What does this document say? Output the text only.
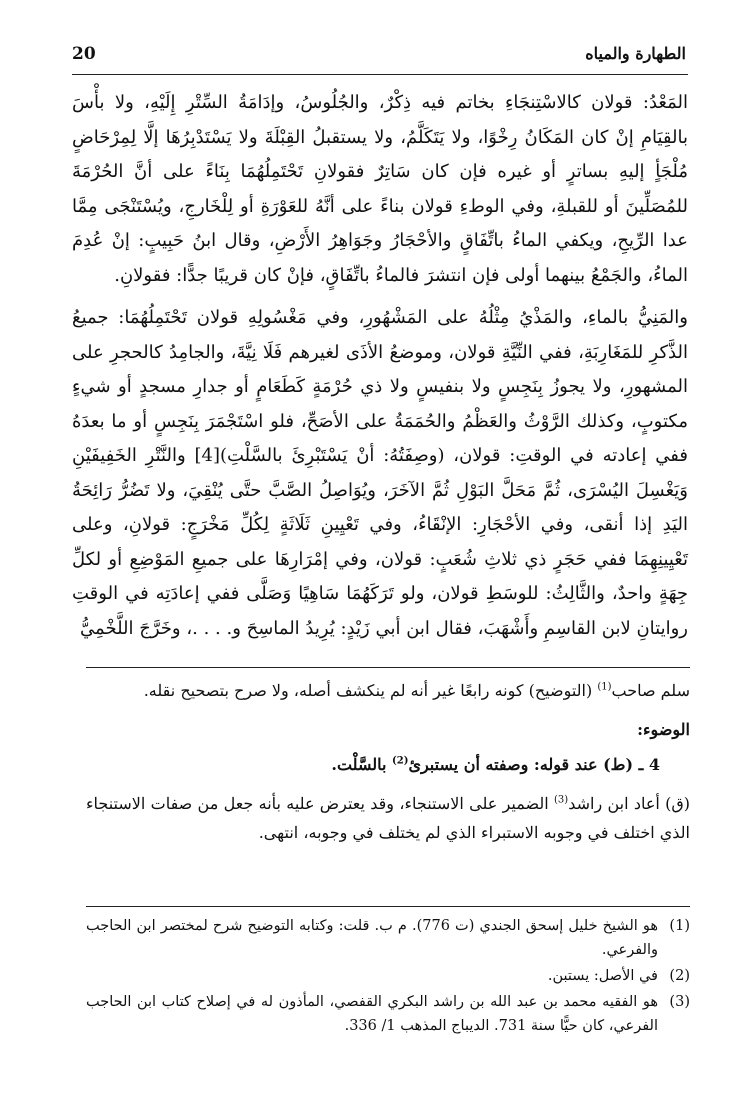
20	الطهارة والمياه

المَعْدُ: قولان كالاسْتِنجَاءِ بخاتم فيه ذِكْرٌ، والجُلُوسُ، وإدَامَةُ السِّتْرِ إِلَيْهِ، ولا بأْسَ بالقِيَامِ إنْ كان المَكَانُ رِخْوًا، ولا يَتَكَلَّمُ، ولا يستقبلُ القِبْلَةَ ولا يَسْتَدْبِرُهَا إلَّا لِمِرْحَاضٍ مُلْجَأٍ إليهِ بساترٍ أو غيره فإن كان سَاتِرٌ فقولانِ تَحْتَمِلُهُمَا بِنَاءً على أنَّ الحُرْمَةَ للمُصَلِّينَ أو للقبلةِ، وفي الوطءِ قولان بناءً على أنَّهُ للعَوْرَةِ أو لِلْخَارجِ، ويُسْتَنْجَى مِمَّا عدا الرِّيحِ، ويكفي الماءُ باتِّفَاقٍ والأحْجَارُ وجَوَاهِرُ الأَرْضِ، وقال ابنُ حَبِيبٍ: إنْ عُدِمَ الماءُ، والجَمْعُ بينهما أولى فإن انتشرَ فالماءُ باتِّفَاقٍ، فإنْ كان قريبًا جدًّا: فقولانِ.

والمَنِيُّ بالماءِ، والمَذْيُ مِثْلُهُ على المَشْهُورِ، وفي مَغْسُولِهِ قولان تَحْتَمِلُهُمَا: جميعُ الذَّكرِ للمَغَارِبَةِ، ففي النِّيَّةِ قولان، وموضعُ الأذَى لغيرهم فَلَا نِيَّةَ، والجامِدُ كالحجرِ على المشهورِ، ولا يجوزُ بِنَجِسٍ ولا بنفيسٍ ولا ذي حُرْمَةٍ كَطَعَامٍ أو جدارِ مسجدٍ أو شيءٍ مكتوبٍ، وكذلك الرَّوْثُ والعَظْمُ والحُمَمَةُ على الأصَحِّ، فلو اسْتَجْمَرَ بِنَجِسٍ أو ما بعدَهُ ففي إعادته في الوقتِ: قولان، (وصِفَتُهُ: أنْ يَسْتَبْرِئَ بالسَّلْتِ)[4] والنَّتْرِ الخَفِيفَيْنِ وَيَغْسِلَ اليُسْرَى، ثُمَّ مَحَلَّ البَوْلِ ثُمَّ الآخَرَ، ويُوَاصِلُ الصَّبَّ حتَّى يُنْقِيَ، ولا تَضُرُّ رَائِحَةُ اليَدِ إذا أنقى، وفي الأحْجَارِ: الإنْقَاءُ، وفي تَعْيِينِ ثَلَاثَةٍ لِكُلِّ مَخْرَجٍ: قولانِ، وعلى تَعْيِينِهِمَا ففي حَجَرٍ ذي ثلاثِ شُعَبٍ: قولان، وفي إمْرَارِهَا على جميعِ المَوْضِعِ أو لكلِّ جِهَةٍ واحدٌ، والثَّالِثُ: للوسَطِ قولان، ولو تَرَكَهُمَا سَاهِيًا وَصَلَّى ففي إعادَتِه في الوقتِ روايتانِ لابن القاسِمِ وأَشْهَبَ، فقال ابن أبي زَيْدٍ: يُرِيدُ الماسِحَ و. . . .، وخَرَّجَ اللَّخْمِيُّ

سلم صاحب$^{(1)}$ (التوضيح) كونه رابعًا غير أنه لم ينكشف أصله، ولا صرح بتصحيح نقله.

الوضوء:

4 ـ (ط) عند قوله: وصفته أن يستبرئ$^{(2)}$ بالسَّلْت.

(ق) أعاد ابن راشد$^{(3)}$ الضمير على الاستنجاء، وقد يعترض عليه بأنه جعل من صفات الاستنجاء الذي اختلف في وجوبه الاستبراء الذي لم يختلف في وجوبه، انتهى.

(1)
هو الشيخ خليل إسحق الجندي (ت 776). م ب. قلت: وكتابه التوضيح شرح لمختصر ابن الحاجب والفرعي.
(2)
في الأصل: يستبن.
(3)
هو الفقيه محمد بن عبد الله بن راشد البكري القفصي، المأذون له في إصلاح كتاب ابن الحاجب الفرعي، كان حيًّا سنة 731. الديباج المذهب 1/ 336.
